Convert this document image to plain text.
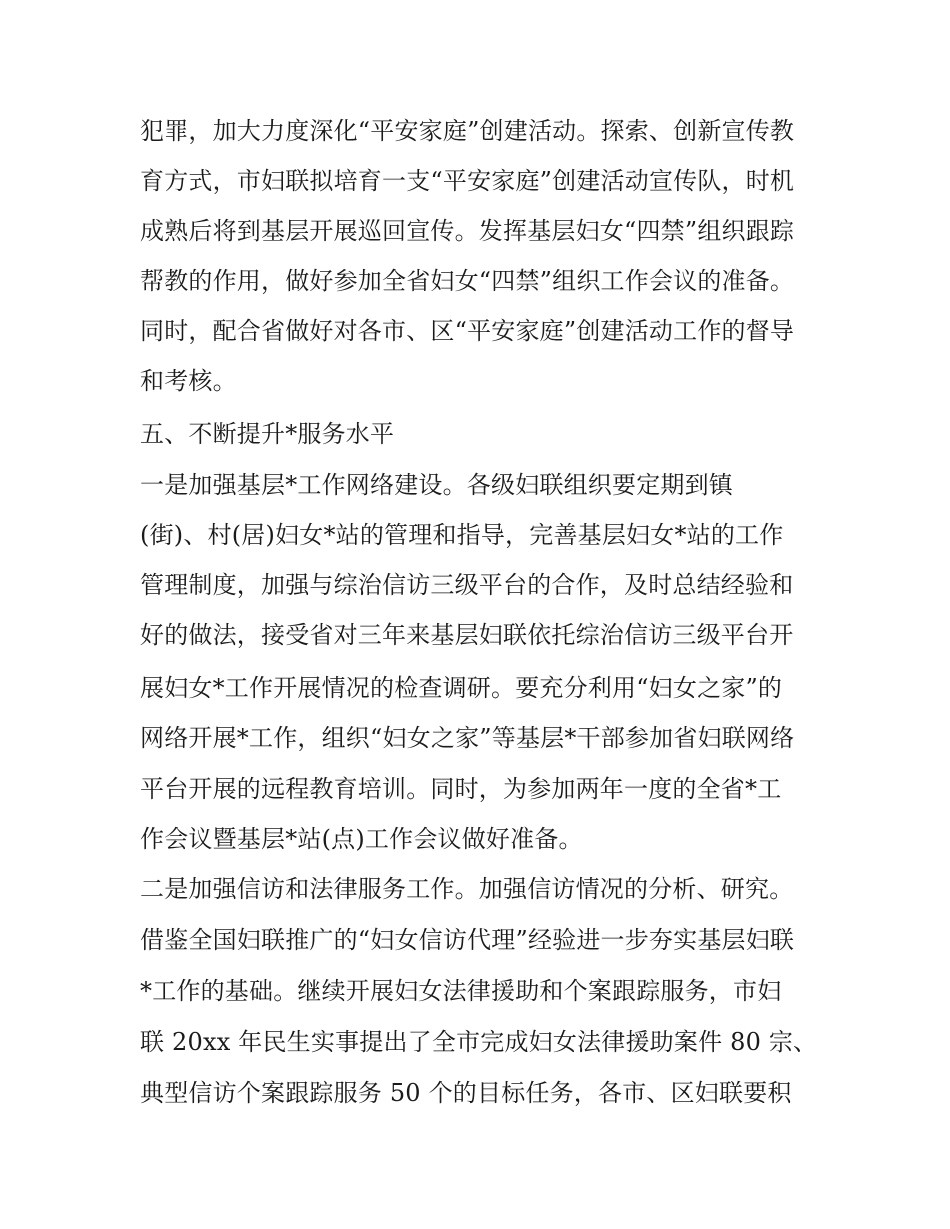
犯罪，加大力度深化“平安家庭”创建活动。探索、创新宣传教
育方式，市妇联拟培育一支“平安家庭”创建活动宣传队，时机
成熟后将到基层开展巡回宣传。发挥基层妇女“四禁”组织跟踪
帮教的作用，做好参加全省妇女“四禁”组织工作会议的准备。
同时，配合省做好对各市、区“平安家庭”创建活动工作的督导
和考核。
五、不断提升*服务水平
一是加强基层*工作网络建设。各级妇联组织要定期到镇
(街)、村(居)妇女*站的管理和指导，完善基层妇女*站的工作
管理制度，加强与综治信访三级平台的合作，及时总结经验和
好的做法，接受省对三年来基层妇联依托综治信访三级平台开
展妇女*工作开展情况的检查调研。要充分利用“妇女之家”的
网络开展*工作，组织“妇女之家”等基层*干部参加省妇联网络
平台开展的远程教育培训。同时，为参加两年一度的全省*工
作会议暨基层*站(点)工作会议做好准备。
二是加强信访和法律服务工作。加强信访情况的分析、研究。
借鉴全国妇联推广的“妇女信访代理”经验进一步夯实基层妇联
*工作的基础。继续开展妇女法律援助和个案跟踪服务，市妇
联 20xx 年民生实事提出了全市完成妇女法律援助案件 80 宗、
典型信访个案跟踪服务 50 个的目标任务，各市、区妇联要积
